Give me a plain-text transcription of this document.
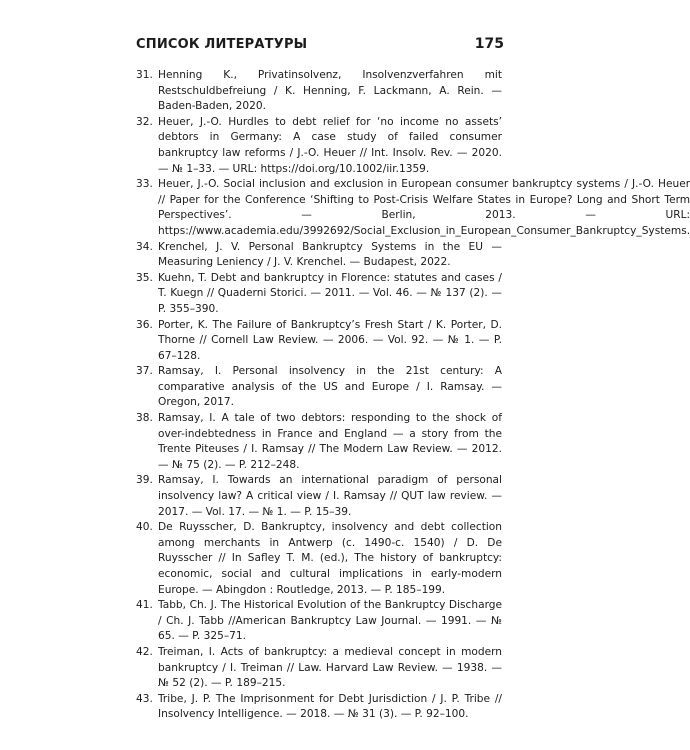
СПИСОК ЛИТЕРАТУРЫ	175
31. Henning K., Privatinsolvenz, Insolvenzverfahren mit Restschuldbefreiung / K. Henning, F. Lackmann, A. Rein. — Baden-Baden, 2020.
32. Heuer, J.-O. Hurdles to debt relief for ‘no income no assets’ debtors in Germany: A case study of failed consumer bankruptcy law reforms / J.-O. Heuer // Int. Insolv. Rev. — 2020. — № 1–33. — URL: https://doi.org/10.1002/iir.1359.
33. Heuer, J.-O. Social inclusion and exclusion in European consumer bankruptcy systems / J.-O. Heuer // Paper for the Conference ‘Shifting to Post-Crisis Welfare States in Europe? Long and Short Term Perspectives’. — Berlin, 2013. — URL: https://www.academia.edu/3992692/Social_Exclusion_in_European_Consumer_Bankruptcy_Systems.
34. Krenchel, J. V. Personal Bankruptcy Systems in the EU — Measuring Leniency / J. V. Krenchel. — Budapest, 2022.
35. Kuehn, T. Debt and bankruptcy in Florence: statutes and cases / T. Kuegn // Quaderni Storici. — 2011. — Vol. 46. — № 137 (2). — P. 355–390.
36. Porter, K. The Failure of Bankruptcy’s Fresh Start / K. Porter, D. Thorne // Cornell Law Review. — 2006. — Vol. 92. — № 1. — P. 67–128.
37. Ramsay, I. Personal insolvency in the 21st century: A comparative analysis of the US and Europe / I. Ramsay. — Oregon, 2017.
38. Ramsay, I. A tale of two debtors: responding to the shock of over-indebtedness in France and England — a story from the Trente Piteuses / I. Ramsay // The Modern Law Review. — 2012. — № 75 (2). — P. 212–248.
39. Ramsay, I. Towards an international paradigm of personal insolvency law? A critical view / I. Ramsay // QUT law review. — 2017. — Vol. 17. — № 1. — P. 15–39.
40. De Ruysscher, D. Bankruptcy, insolvency and debt collection among merchants in Antwerp (c. 1490-c. 1540) / D. De Ruysscher // In Safley T. M. (ed.), The history of bankruptcy: economic, social and cultural implications in early-modern Europe. — Abingdon : Routledge, 2013. — P. 185–199.
41. Tabb, Ch. J. The Historical Evolution of the Bankruptcy Discharge / Ch. J. Tabb //American Bankruptcy Law Journal. — 1991. — № 65. — P. 325–71.
42. Treiman, I. Acts of bankruptcy: a medieval concept in modern bankruptcy / I. Treiman // Law. Harvard Law Review. — 1938. — № 52 (2). — P. 189–215.
43. Tribe, J. P. The Imprisonment for Debt Jurisdiction / J. P. Tribe // Insolvency Intelligence. — 2018. — № 31 (3). — P. 92–100.
